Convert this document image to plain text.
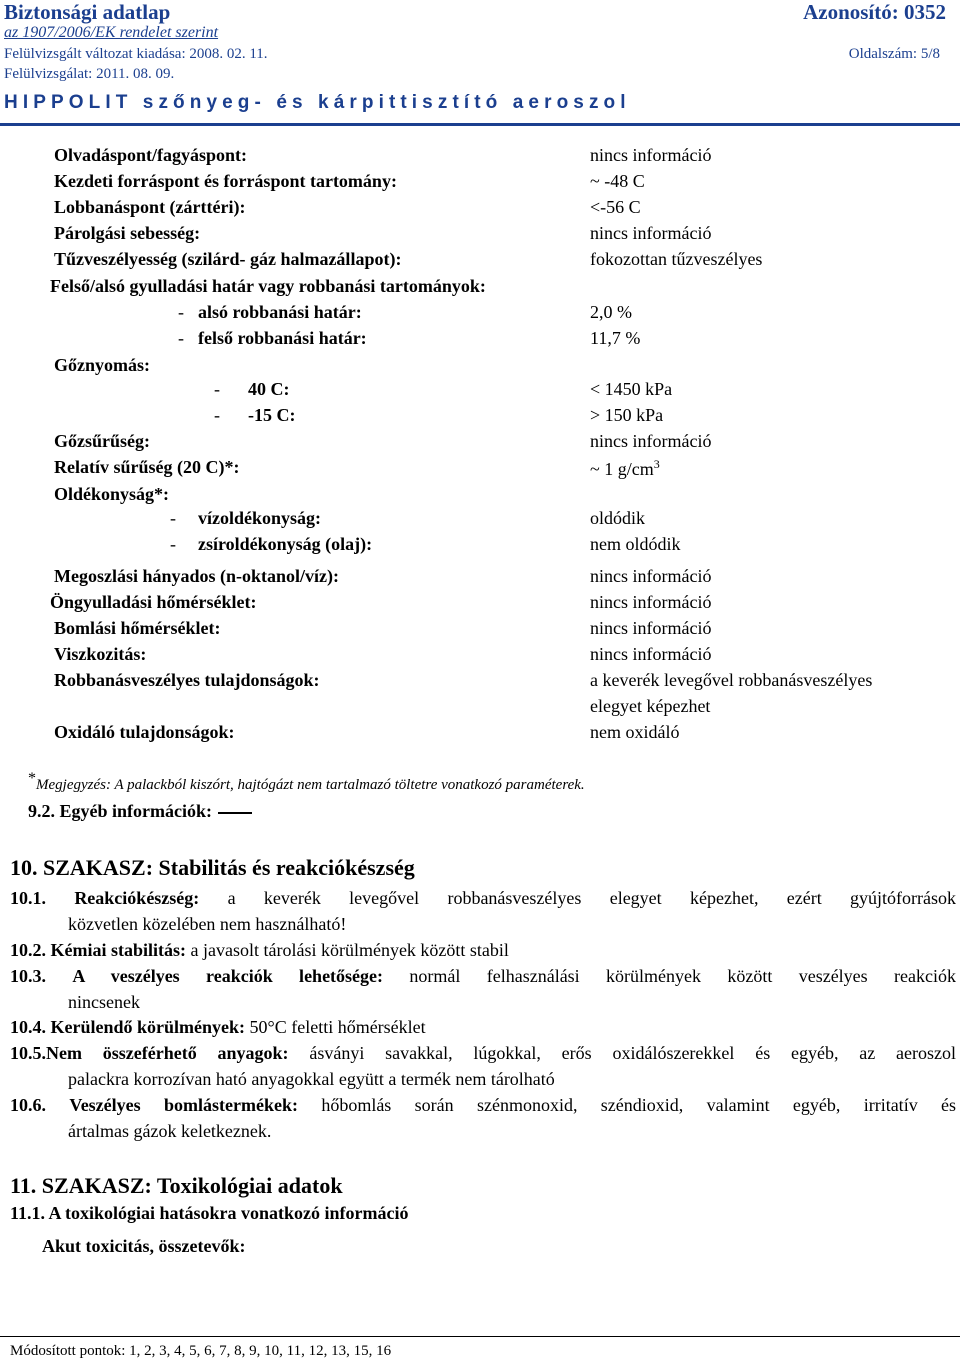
Biztonsági adatlap
az 1907/2006/EK rendelet szerint
Azonosító: 0352
Felülvizsgált változat kiadása: 2008. 02. 11.
Felülvizsgálat: 2011. 08. 09.
Oldalszám: 5/8
HIPPOLIT szőnyeg- és kárpittisztító aeroszol
Olvadáspont/fagyáspont:	nincs információ
Kezdeti forráspont és forráspont tartomány:	~ -48 C
Lobbanáspont (zárttéri):	<-56 C
Párolgási sebesség:	nincs információ
Tűzveszélyesség (szilárd- gáz halmazállapot):	fokozottan tűzveszélyes
Felső/alsó gyulladási határ vagy robbanási tartományok:
- alsó robbanási határ:	2,0 %
- felső robbanási határ:	11,7 %
Gőznyomás:
- 40 C:	< 1450 kPa
- -15 C:	> 150 kPa
Gőzsűrűség:	nincs információ
Relatív sűrűség (20 C)*:	~ 1 $g/cm^3$
Oldékonyság*:
- vízoldékonyság:	oldódik
- zsíroldékonyság (olaj):	nem oldódik
Megoszlási hányados (n-oktanol/víz):	nincs információ
Öngyulladási hőmérséklet:	nincs információ
Bomlási hőmérséklet:	nincs információ
Viszkozitás:	nincs információ
Robbanásveszélyes tulajdonságok:	a keverék levegővel robbanásveszélyes
elegyet képezhet
Oxidáló tulajdonságok:	nem oxidáló
*Megjegyzés: A palackból kiszórt, hajtógázt nem tartalmazó töltetre vonatkozó paraméterek.
9.2. Egyéb információk:
10. SZAKASZ: Stabilitás és reakciókészség
10.1. Reakciókészség: a keverék levegővel robbanásveszélyes elegyet képezhet, ezért gyújtóforrások
közvetlen közelében nem használható!
10.2. Kémiai stabilitás: a javasolt tárolási körülmények között stabil
10.3. A veszélyes reakciók lehetősége: normál felhasználási körülmények között veszélyes reakciók
nincsenek
10.4. Kerülendő körülmények: 50°C feletti hőmérséklet
10.5.Nem összeférhető anyagok: ásványi savakkal, lúgokkal, erős oxidálószerekkel és egyéb, az aeroszol
palackra korrozívan ható anyagokkal együtt a termék nem tárolható
10.6. Veszélyes bomlástermékek: hőbomlás során szénmonoxid, széndioxid, valamint egyéb, irritatív és
ártalmas gázok keletkeznek.
11. SZAKASZ: Toxikológiai adatok
11.1. A toxikológiai hatásokra vonatkozó információ
Akut toxicitás, összetevők:
Módosított pontok: 1, 2, 3, 4, 5, 6, 7, 8, 9, 10, 11, 12, 13, 15, 16
